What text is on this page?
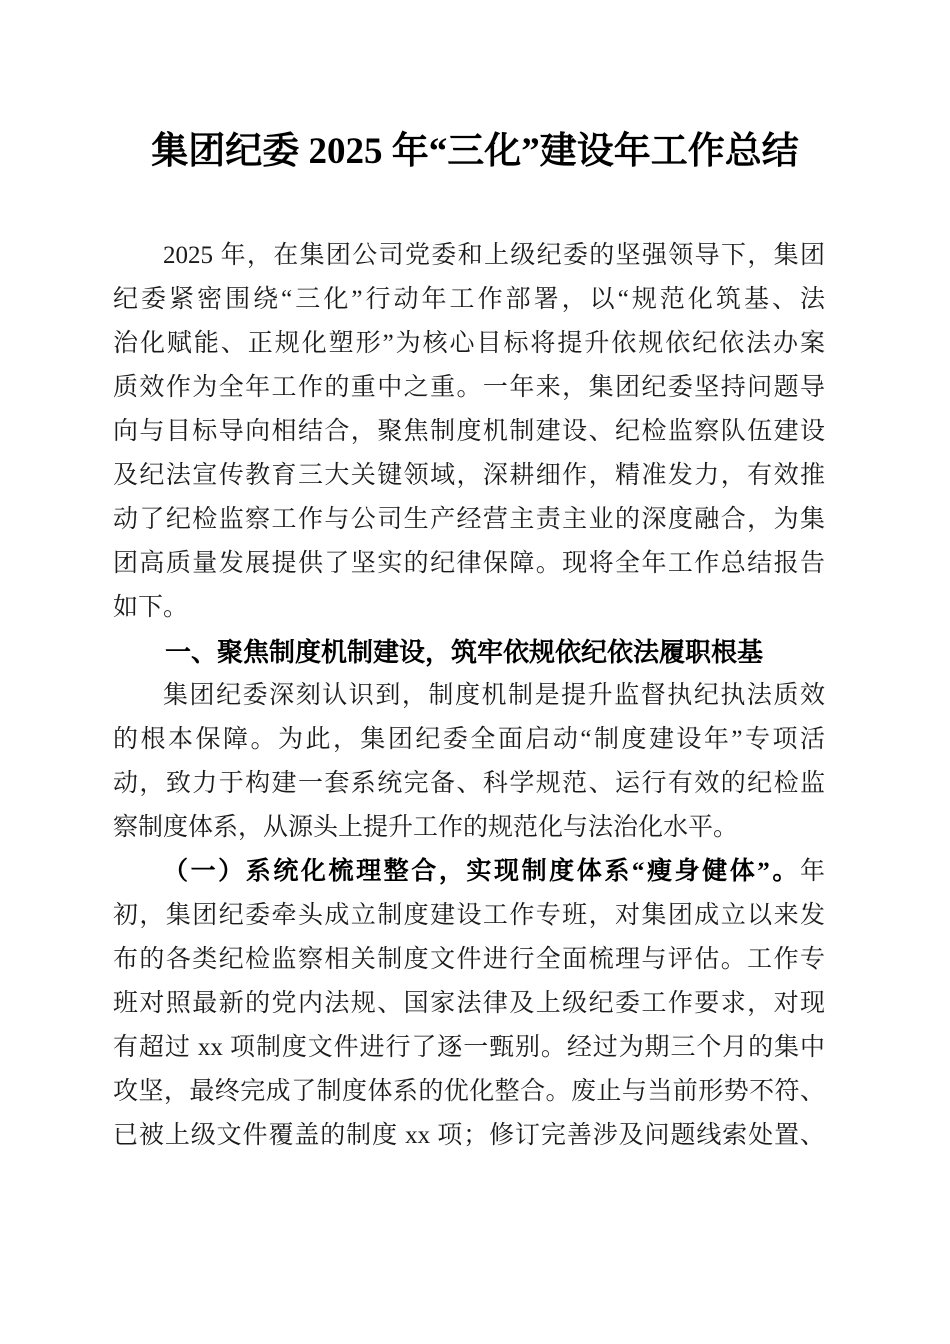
集团纪委 2025 年“三化”建设年工作总结
2025 年，在集团公司党委和上级纪委的坚强领导下，集团
纪委紧密围绕“三化”行动年工作部署，以“规范化筑基、法
治化赋能、正规化塑形”为核心目标将提升依规依纪依法办案
质效作为全年工作的重中之重。一年来，集团纪委坚持问题导
向与目标导向相结合，聚焦制度机制建设、纪检监察队伍建设
及纪法宣传教育三大关键领域，深耕细作，精准发力，有效推
动了纪检监察工作与公司生产经营主责主业的深度融合，为集
团高质量发展提供了坚实的纪律保障。现将全年工作总结报告
如下。
一、聚焦制度机制建设，筑牢依规依纪依法履职根基
集团纪委深刻认识到，制度机制是提升监督执纪执法质效
的根本保障。为此，集团纪委全面启动“制度建设年”专项活
动，致力于构建一套系统完备、科学规范、运行有效的纪检监
察制度体系，从源头上提升工作的规范化与法治化水平。
（一）系统化梳理整合，实现制度体系“瘦身健体”。年
初，集团纪委牵头成立制度建设工作专班，对集团成立以来发
布的各类纪检监察相关制度文件进行全面梳理与评估。工作专
班对照最新的党内法规、国家法律及上级纪委工作要求，对现
有超过 xx 项制度文件进行了逐一甄别。经过为期三个月的集中
攻坚，最终完成了制度体系的优化整合。废止与当前形势不符、
已被上级文件覆盖的制度 xx 项；修订完善涉及问题线索处置、
